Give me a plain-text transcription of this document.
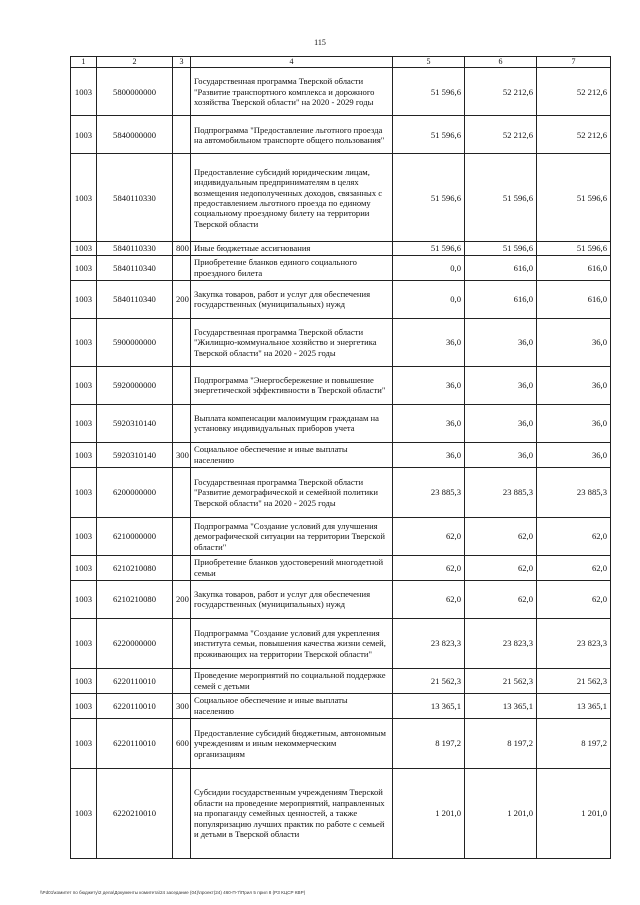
115
1	2	3	4	5	6	7
1003	5800000000		Государственная программа Тверской области "Развитие транспортного комплекса и дорожного хозяйства Тверской области" на 2020 - 2029 годы	51 596,6	52 212,6	52 212,6
1003	5840000000		Подпрограмма "Предоставление льготного проезда на автомобильном транспорте общего пользования"	51 596,6	52 212,6	52 212,6
1003	5840110330		Предоставление субсидий юридическим лицам, индивидуальным предпринимателям в целях возмещения недополученных доходов, связанных с предоставлением льготного проезда по единому социальному проездному билету на территории Тверской области	51 596,6	51 596,6	51 596,6
1003	5840110330	800	Иные бюджетные ассигнования	51 596,6	51 596,6	51 596,6
1003	5840110340		Приобретение бланков единого социального проездного билета	0,0	616,0	616,0
1003	5840110340	200	Закупка товаров, работ и услуг для обеспечения государственных (муниципальных) нужд	0,0	616,0	616,0
1003	5900000000		Государственная программа Тверской области "Жилищно-коммунальное хозяйство и энергетика Тверской области" на 2020 - 2025 годы	36,0	36,0	36,0
1003	5920000000		Подпрограмма "Энергосбережение и повышение энергетической эффективности в Тверской области"	36,0	36,0	36,0
1003	5920310140		Выплата компенсации малоимущим гражданам на установку индивидуальных приборов учета	36,0	36,0	36,0
1003	5920310140	300	Социальное обеспечение и иные выплаты населению	36,0	36,0	36,0
1003	6200000000		Государственная программа Тверской области "Развитие демографической и семейной политики Тверской области" на 2020 - 2025 годы	23 885,3	23 885,3	23 885,3
1003	6210000000		Подпрограмма "Создание условий для улучшения демографической ситуации на территории Тверской области"	62,0	62,0	62,0
1003	6210210080		Приобретение бланков удостоверений многодетной семьи	62,0	62,0	62,0
1003	6210210080	200	Закупка товаров, работ и услуг для обеспечения государственных (муниципальных) нужд	62,0	62,0	62,0
1003	6220000000		Подпрограмма "Создание условий для укрепления института семьи, повышения качества жизни семей, проживающих на территории Тверской области"	23 823,3	23 823,3	23 823,3
1003	6220110010		Проведение мероприятий по социальной поддержке семей с детьми	21 562,3	21 562,3	21 562,3
1003	6220110010	300	Социальное обеспечение и иные выплаты населению	13 365,1	13 365,1	13 365,1
1003	6220110010	600	Предоставление субсидий бюджетным, автономным учреждениям и иным некоммерческим организациям	8 197,2	8 197,2	8 197,2
1003	6220210010		Субсидии государственным учреждениям Тверской области на проведение мероприятий, направленных на пропаганду семейных ценностей, а также популяризацию лучших практик по работе с семьей и детьми в Тверской области	1 201,0	1 201,0	1 201,0
\\Pd01\комитет по бюджету\2 дела\Документы комитета\24 заседание (04)\проект(24) 460-П-7\Прил 5 прил 8 (РЗ КЦСР КВР)
